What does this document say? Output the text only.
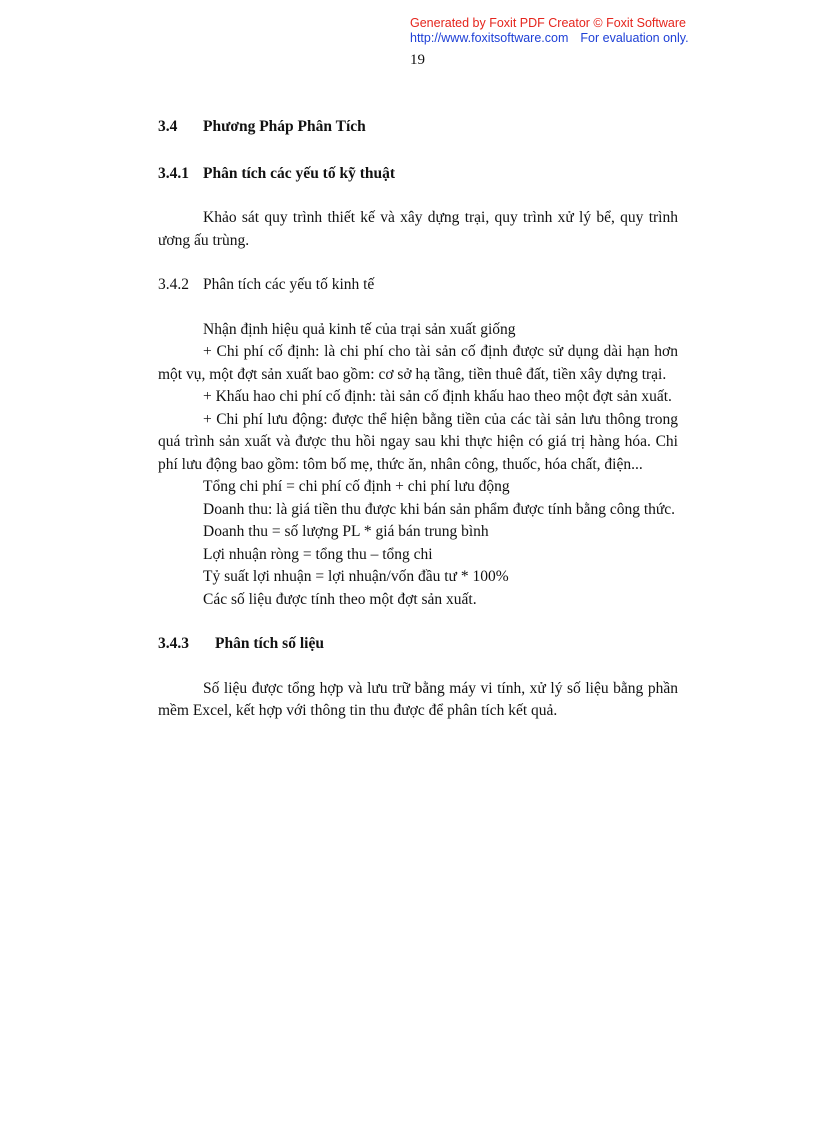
Generated by Foxit PDF Creator © Foxit Software
http://www.foxitsoftware.com For evaluation only.
19
3.4 Phương Pháp Phân Tích
3.4.1 Phân tích các yếu tố kỹ thuật

Khảo sát quy trình thiết kế và xây dựng trại, quy trình xử lý bể, quy trình ương ấu trùng.

3.4.2 Phân tích các yếu tố kinh tế

Nhận định hiệu quả kinh tế của trại sản xuất giống

+ Chi phí cố định: là chi phí cho tài sản cố định được sử dụng dài hạn hơn một vụ, một đợt sản xuất bao gồm: cơ sở hạ tầng, tiền thuê đất, tiền xây dựng trại.

+ Khấu hao chi phí cố định: tài sản cố định khấu hao theo một đợt sản xuất.

+ Chi phí lưu động: được thể hiện bằng tiền của các tài sản lưu thông trong quá trình sản xuất và được thu hồi ngay sau khi thực hiện có giá trị hàng hóa. Chi phí lưu động bao gồm: tôm bố mẹ, thức ăn, nhân công, thuốc, hóa chất, điện...

Tổng chi phí = chi phí cố định + chi phí lưu động

Doanh thu: là giá tiền thu được khi bán sản phẩm được tính bằng công thức.

Doanh thu = số lượng PL * giá bán trung bình
Lợi nhuận ròng = tổng thu – tổng chi
Tỷ suất lợi nhuận = lợi nhuận/vốn đầu tư * 100%
Các số liệu được tính theo một đợt sản xuất.
3.4.3 Phân tích số liệu

Số liệu được tổng hợp và lưu trữ bằng máy vi tính, xử lý số liệu bằng phần mềm Excel, kết hợp với thông tin thu được để phân tích kết quả.
